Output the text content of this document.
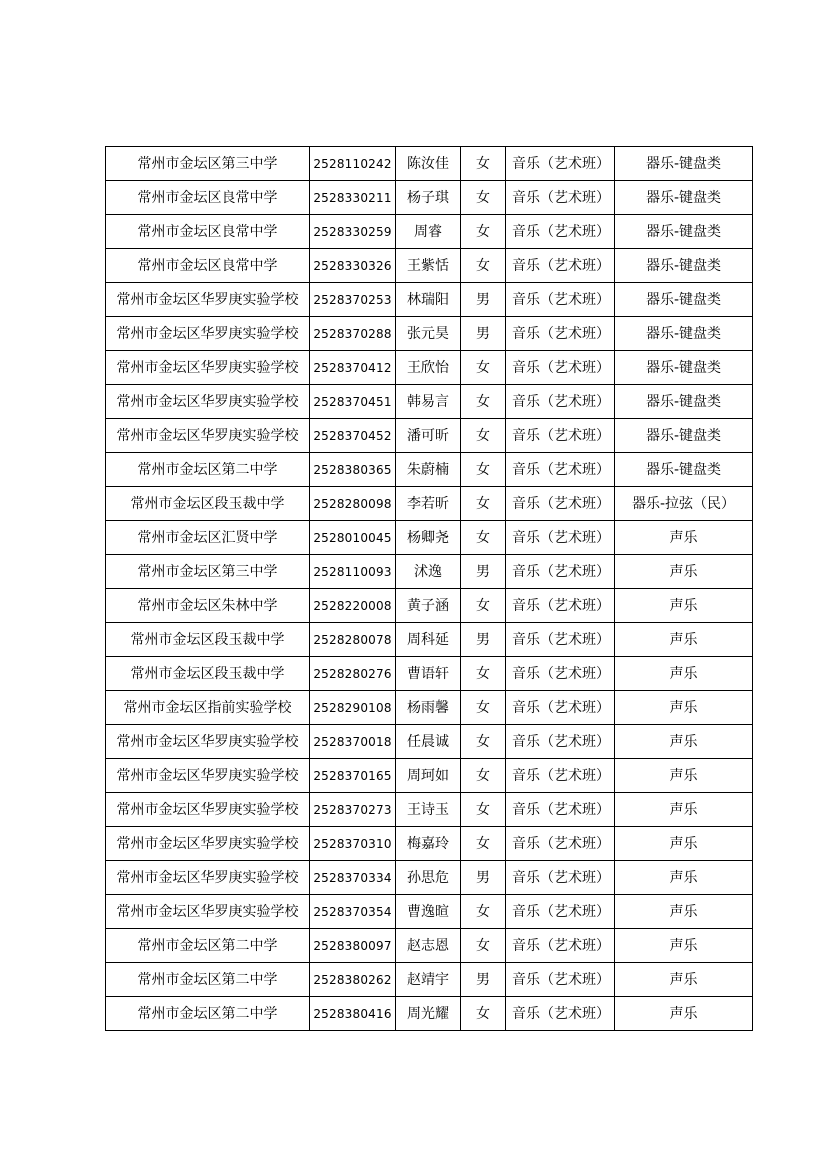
常州市金坛区第三中学	2528110242	陈汝佳	女	音乐（艺术班）	器乐-键盘类
常州市金坛区良常中学	2528330211	杨子琪	女	音乐（艺术班）	器乐-键盘类
常州市金坛区良常中学	2528330259	周睿	女	音乐（艺术班）	器乐-键盘类
常州市金坛区良常中学	2528330326	王紫恬	女	音乐（艺术班）	器乐-键盘类
常州市金坛区华罗庚实验学校	2528370253	林瑞阳	男	音乐（艺术班）	器乐-键盘类
常州市金坛区华罗庚实验学校	2528370288	张元昊	男	音乐（艺术班）	器乐-键盘类
常州市金坛区华罗庚实验学校	2528370412	王欣怡	女	音乐（艺术班）	器乐-键盘类
常州市金坛区华罗庚实验学校	2528370451	韩易言	女	音乐（艺术班）	器乐-键盘类
常州市金坛区华罗庚实验学校	2528370452	潘可昕	女	音乐（艺术班）	器乐-键盘类
常州市金坛区第二中学	2528380365	朱蔚楠	女	音乐（艺术班）	器乐-键盘类
常州市金坛区段玉裁中学	2528280098	李若昕	女	音乐（艺术班）	器乐-拉弦（民）
常州市金坛区汇贤中学	2528010045	杨卿尧	女	音乐（艺术班）	声乐
常州市金坛区第三中学	2528110093	沭逸	男	音乐（艺术班）	声乐
常州市金坛区朱林中学	2528220008	黄子涵	女	音乐（艺术班）	声乐
常州市金坛区段玉裁中学	2528280078	周科延	男	音乐（艺术班）	声乐
常州市金坛区段玉裁中学	2528280276	曹语轩	女	音乐（艺术班）	声乐
常州市金坛区指前实验学校	2528290108	杨雨馨	女	音乐（艺术班）	声乐
常州市金坛区华罗庚实验学校	2528370018	任晨诚	女	音乐（艺术班）	声乐
常州市金坛区华罗庚实验学校	2528370165	周珂如	女	音乐（艺术班）	声乐
常州市金坛区华罗庚实验学校	2528370273	王诗玉	女	音乐（艺术班）	声乐
常州市金坛区华罗庚实验学校	2528370310	梅嘉玲	女	音乐（艺术班）	声乐
常州市金坛区华罗庚实验学校	2528370334	孙思危	男	音乐（艺术班）	声乐
常州市金坛区华罗庚实验学校	2528370354	曹逸暄	女	音乐（艺术班）	声乐
常州市金坛区第二中学	2528380097	赵志恩	女	音乐（艺术班）	声乐
常州市金坛区第二中学	2528380262	赵靖宇	男	音乐（艺术班）	声乐
常州市金坛区第二中学	2528380416	周光耀	女	音乐（艺术班）	声乐
